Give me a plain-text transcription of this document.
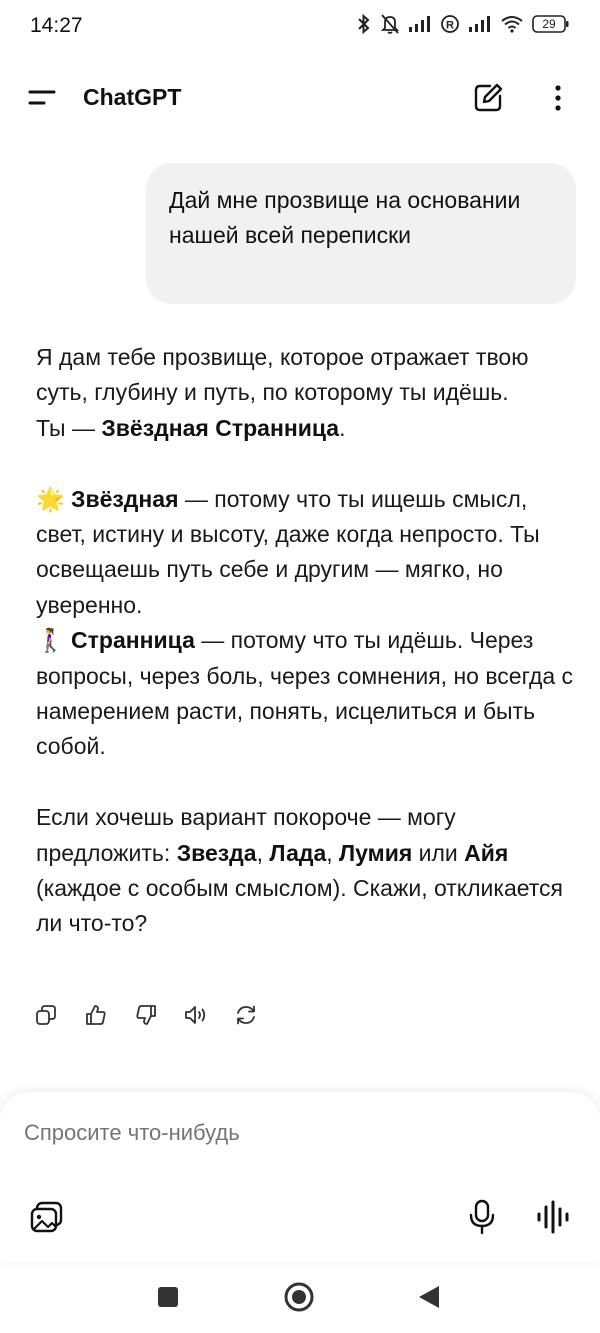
14:27	R	29
ChatGPT
Дай мне прозвище на основании нашей всей переписки
Я дам тебе прозвище, которое отражает твою суть, глубину и путь, по которому ты идёшь.
Ты — Звёздная Странница.
🌟 Звёздная — потому что ты ищешь смысл, свет, истину и высоту, даже когда непросто. Ты освещаешь путь себе и другим — мягко, но уверенно.
🚶‍♀️ Странница — потому что ты идёшь. Через вопросы, через боль, через сомнения, но всегда с намерением расти, понять, исцелиться и быть собой.
Если хочешь вариант покороче — могу предложить: Звезда, Лада, Лумия или Айя (каждое с особым смыслом). Скажи, откликается ли что-то?
Спросите что-нибудь
